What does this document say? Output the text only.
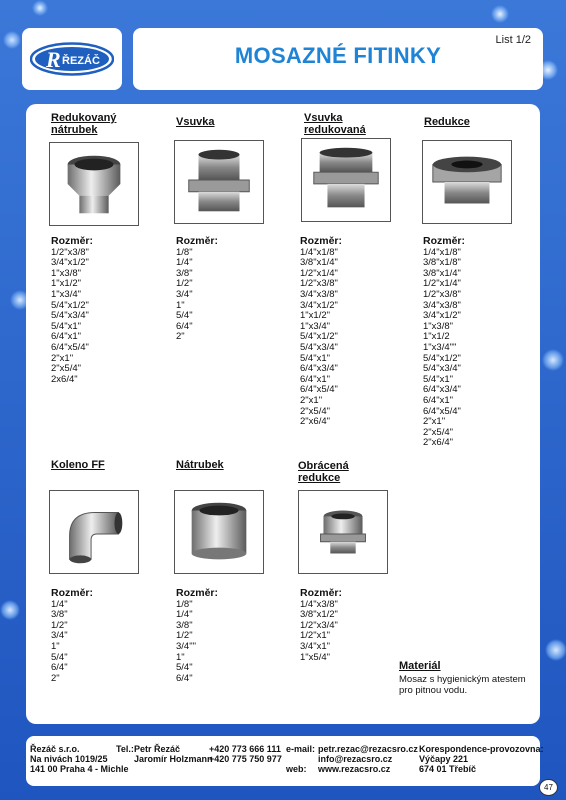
R ŘEZÁČ	MOSAZNÉ FITINKY
List 1/2
Redukovaný
nátrubek
Rozměr:
1/2"x3/8"
3/4"x1/2"
1"x3/8"
1"x1/2"
1"x3/4"
5/4"x1/2"
5/4"x3/4"
5/4"x1"
6/4"x1"
6/4"x5/4"
2"x1"
2"x5/4"
2x6/4"
Vsuvka
Rozměr:
1/8"
1/4"
3/8"
1/2"
3/4"
1"
5/4"
6/4"
2"
Vsuvka
redukovaná
Rozměr:
1/4"x1/8"
3/8"x1/4"
1/2"x1/4"
1/2"x3/8"
3/4"x3/8"
3/4"x1/2"
1"x1/2"
1"x3/4"
5/4"x1/2"
5/4"x3/4"
5/4"x1"
6/4"x3/4"
6/4"x1"
6/4"x5/4"
2"x1"
2"x5/4"
2"x6/4"
Redukce
Rozměr:
1/4"x1/8"
3/8"x1/8"
3/8"x1/4"
1/2"x1/4"
1/2"x3/8"
3/4"x3/8"
3/4"x1/2"
1"x3/8"
1"x1/2
1"x3/4""
5/4"x1/2"
5/4"x3/4"
5/4"x1"
6/4"x3/4"
6/4"x1"
6/4"x5/4"
2"x1"
2"x5/4"
2"x6/4"
Koleno FF
Rozměr:
1/4"
3/8"
1/2"
3/4"
1"
5/4"
6/4"
2"
Nátrubek
Rozměr:
1/8"
1/4"
3/8"
1/2"
3/4""
1"
5/4"
6/4"
Obrácená
redukce
Rozměr:
1/4"x3/8"
3/8"x1/2"
1/2"x3/4"
1/2"x1"
3/4"x1"
1"x5/4"
Materiál
Mosaz s hygienickým atestem pro pitnou vodu.
Řezáč s.r.o.
Na nivách 1019/25
141 00 Praha 4 - Michle
Tel.: Petr Řezáč
Jaromír Holzmann
+420 773 666 111
+420 775 750 977
e-mail:

web:
petr.rezac@rezacsro.cz
info@rezacsro.cz
www.rezacsro.cz
Korespondence-provozovna:
Výčapy 221
674 01 Třebíč
47
